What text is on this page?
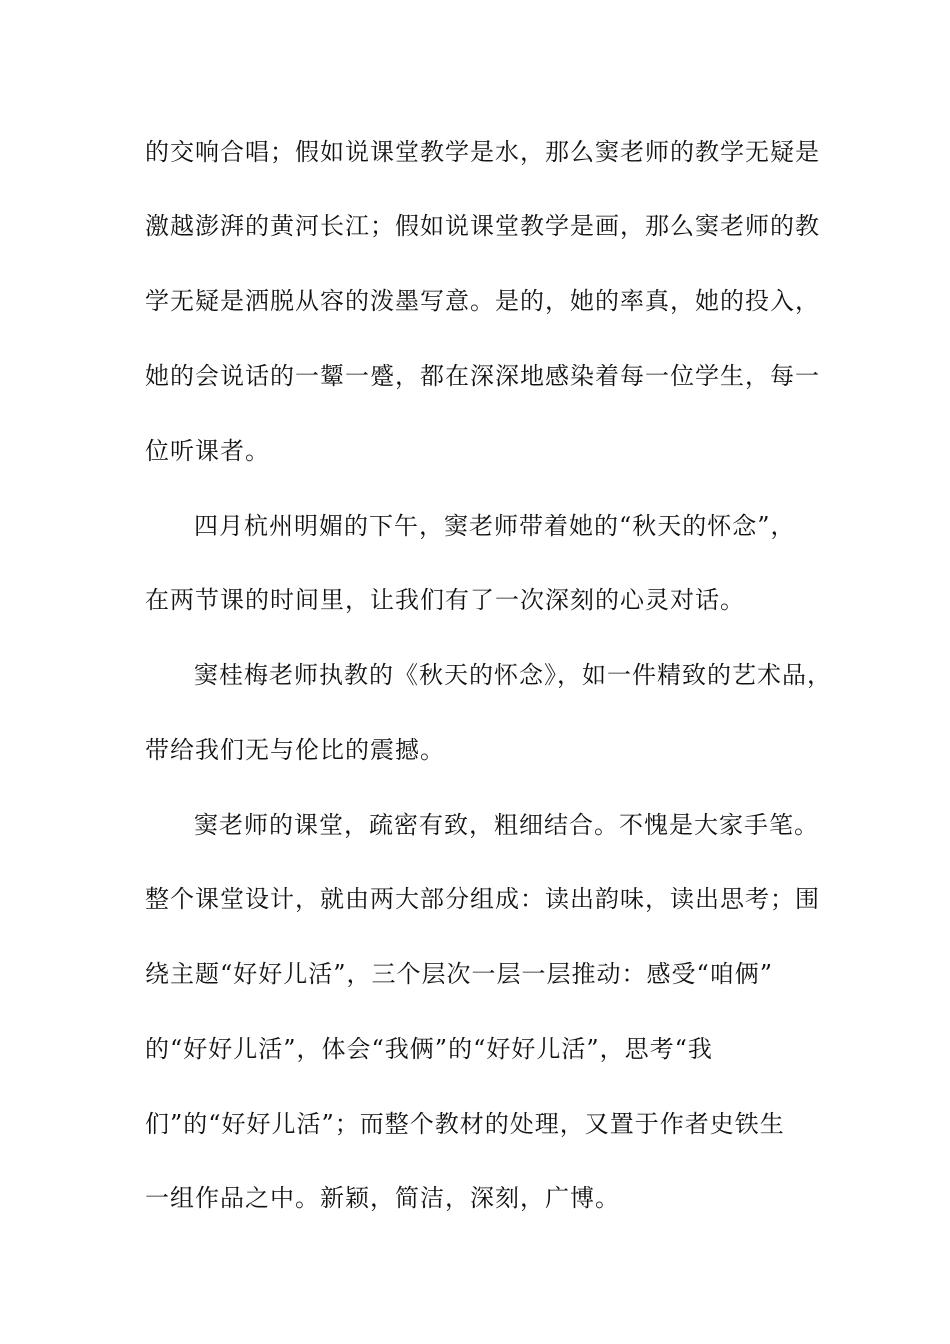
的交响合唱；假如说课堂教学是水，那么窦老师的教学无疑是

激越澎湃的黄河长江；假如说课堂教学是画，那么窦老师的教

学无疑是洒脱从容的泼墨写意。是的，她的率真，她的投入，

她的会说话的一颦一蹙，都在深深地感染着每一位学生，每一

位听课者。

四月杭州明媚的下午，窦老师带着她的“秋天的怀念”，

在两节课的时间里，让我们有了一次深刻的心灵对话。

窦桂梅老师执教的《秋天的怀念》，如一件精致的艺术品，

带给我们无与伦比的震撼。

窦老师的课堂，疏密有致，粗细结合。不愧是大家手笔。

整个课堂设计，就由两大部分组成：读出韵味，读出思考；围

绕主题“好好儿活”，三个层次一层一层推动：感受“咱俩”

的“好好儿活”，体会“我俩”的“好好儿活”，思考“我

们”的“好好儿活”；而整个教材的处理，又置于作者史铁生

一组作品之中。新颖，简洁，深刻，广博。
